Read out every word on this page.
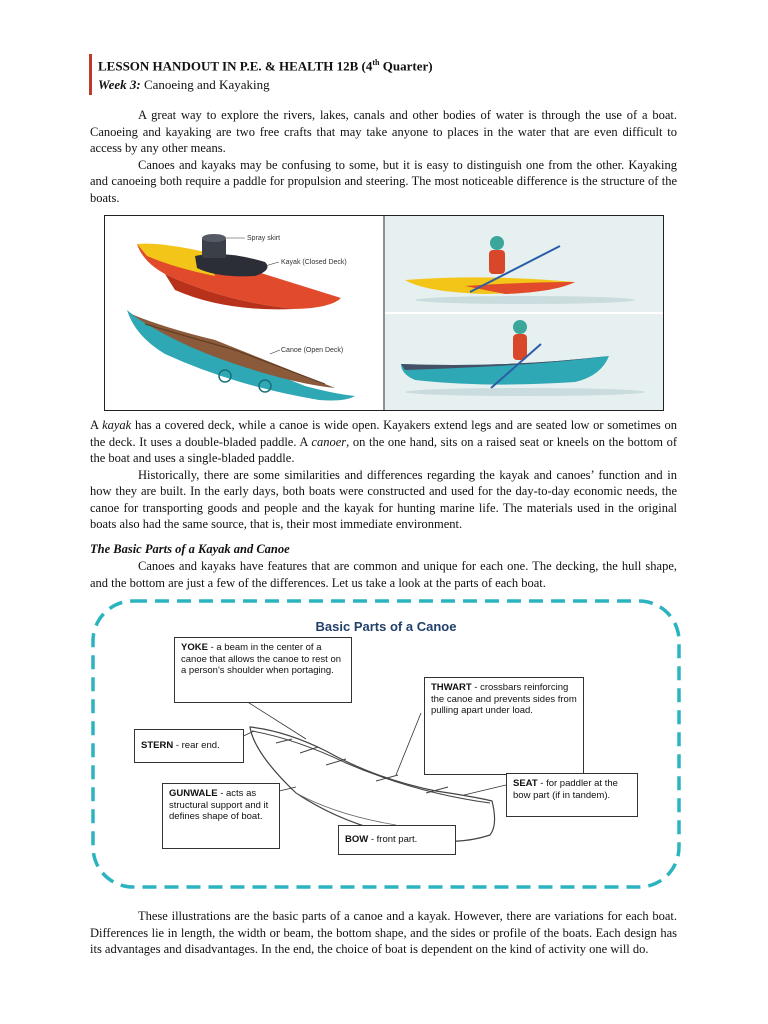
LESSON HANDOUT IN P.E. & HEALTH 12B (4th Quarter)
Week 3: Canoeing and Kayaking
A great way to explore the rivers, lakes, canals and other bodies of water is through the use of a boat. Canoeing and kayaking are two free crafts that may take anyone to places in the water that are even difficult to access by any other means.
Canoes and kayaks may be confusing to some, but it is easy to distinguish one from the other. Kayaking and canoeing both require a paddle for propulsion and steering. The most noticeable difference is the structure of the boats.
Spray skirt
Kayak (Closed Deck)
Canoe (Open Deck)
A kayak has a covered deck, while a canoe is wide open. Kayakers extend legs and are seated low or sometimes on the deck. It uses a double-bladed paddle. A canoer, on the one hand, sits on a raised seat or kneels on the bottom of the boat and uses a single-bladed paddle.
Historically, there are some similarities and differences regarding the kayak and canoes’ function and in how they are built. In the early days, both boats were constructed and used for the day-to-day economic needs, the canoe for transporting goods and people and the kayak for hunting marine life. The materials used in the original boats also had the same source, that is, their most immediate environment.
The Basic Parts of a Kayak and Canoe
Canoes and kayaks have features that are common and unique for each one. The decking, the hull shape, and the bottom are just a few of the differences. Let us take a look at the parts of each boat.
Basic Parts of a Canoe
YOKE - a beam in the center of a canoe that allows the canoe to rest on a person's shoulder when portaging.
THWART - crossbars reinforcing the canoe and prevents sides from pulling apart under load.
STERN - rear end.
SEAT - for paddler at the bow part (if in tandem).
GUNWALE - acts as structural support and it defines shape of boat.
BOW - front part.
These illustrations are the basic parts of a canoe and a kayak. However, there are variations for each boat. Differences lie in length, the width or beam, the bottom shape, and the sides or profile of the boats. Each design has its advantages and disadvantages. In the end, the choice of boat is dependent on the kind of activity one will do.
